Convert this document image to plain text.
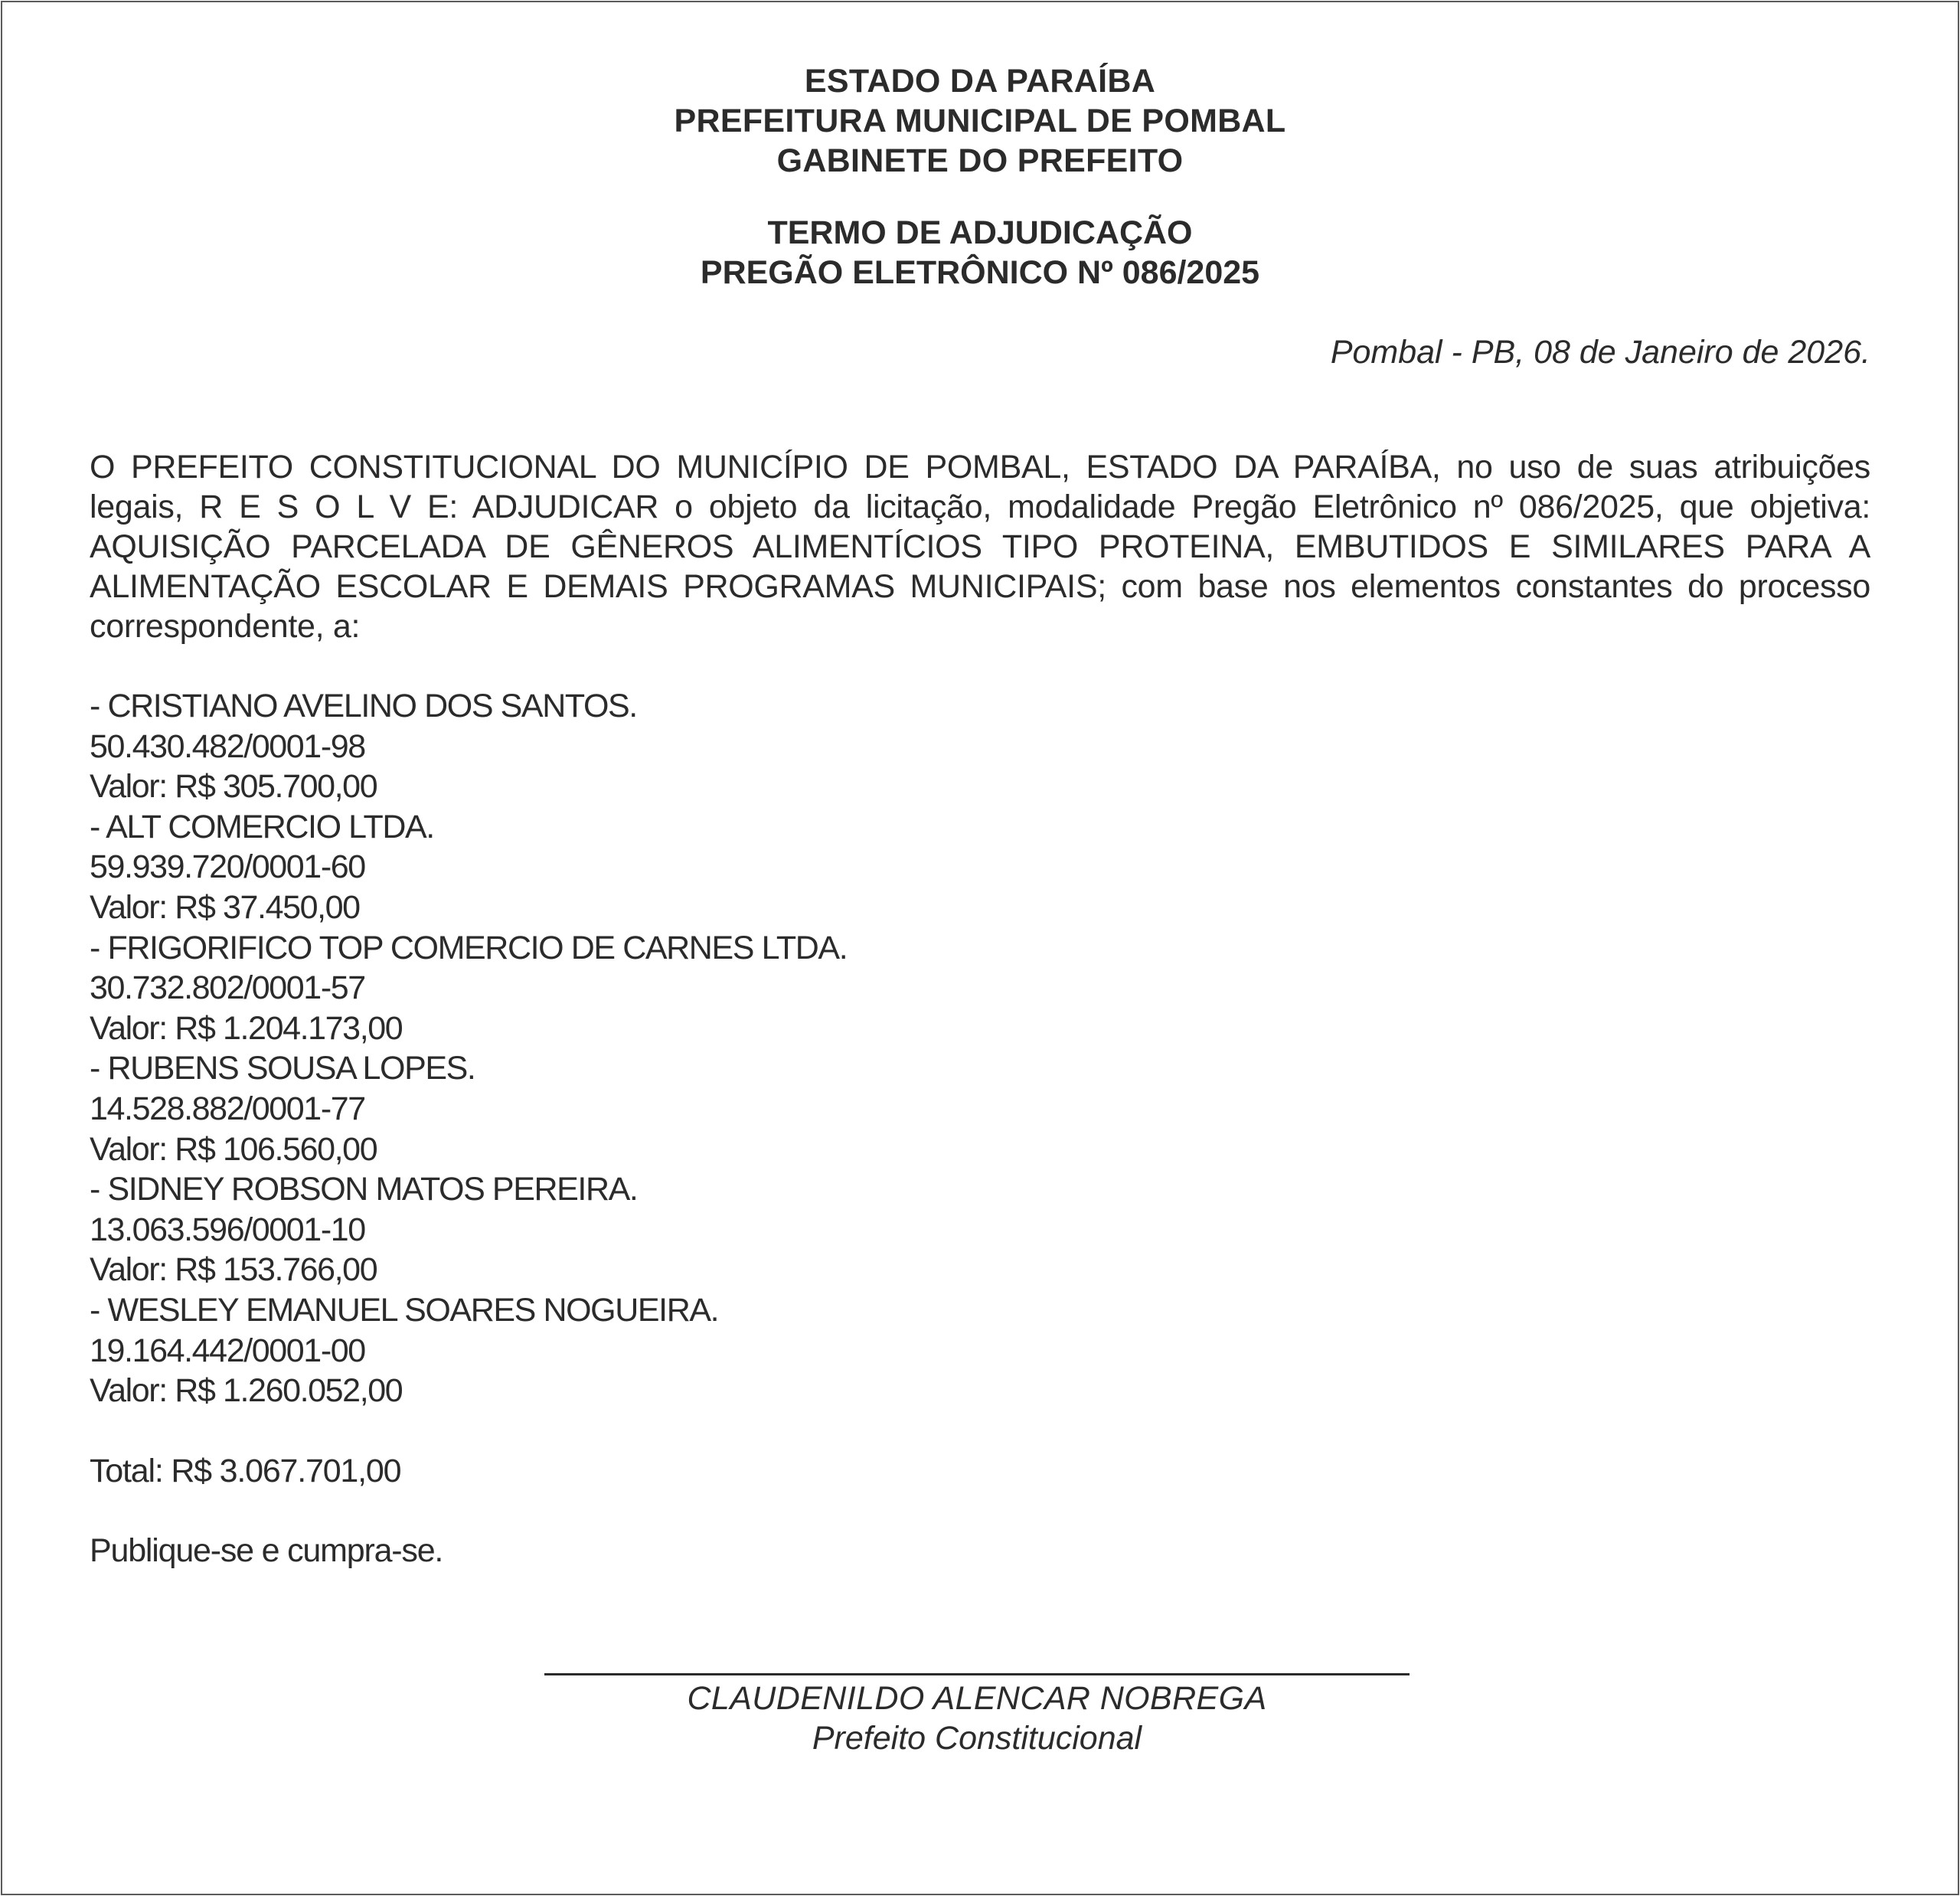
ESTADO DA PARAÍBA
PREFEITURA MUNICIPAL DE POMBAL
GABINETE DO PREFEITO
TERMO DE ADJUDICAÇÃO
PREGÃO ELETRÔNICO Nº 086/2025
Pombal - PB, 08 de Janeiro de 2026.
O PREFEITO CONSTITUCIONAL DO MUNICÍPIO DE POMBAL, ESTADO DA PARAÍBA, no uso de suas atribuições legais, R E S O L V E: ADJUDICAR o objeto da licitação, modalidade Pregão Eletrônico nº 086/2025, que objetiva: AQUISIÇÃO PARCELADA DE GÊNEROS ALIMENTÍCIOS TIPO PROTEINA, EMBUTIDOS E SIMILARES PARA A ALIMENTAÇÃO ESCOLAR E DEMAIS PROGRAMAS MUNICIPAIS; com base nos elementos constantes do processo correspondente, a:
- CRISTIANO AVELINO DOS SANTOS.
50.430.482/0001-98
Valor: R$ 305.700,00
- ALT COMERCIO LTDA.
59.939.720/0001-60
Valor: R$ 37.450,00
- FRIGORIFICO TOP COMERCIO DE CARNES LTDA.
30.732.802/0001-57
Valor: R$ 1.204.173,00
- RUBENS SOUSA LOPES.
14.528.882/0001-77
Valor: R$ 106.560,00
- SIDNEY ROBSON MATOS PEREIRA.
13.063.596/0001-10
Valor: R$ 153.766,00
- WESLEY EMANUEL SOARES NOGUEIRA.
19.164.442/0001-00
Valor: R$ 1.260.052,00
Total: R$ 3.067.701,00
Publique-se e cumpra-se.
CLAUDENILDO ALENCAR NOBREGA
Prefeito Constitucional
